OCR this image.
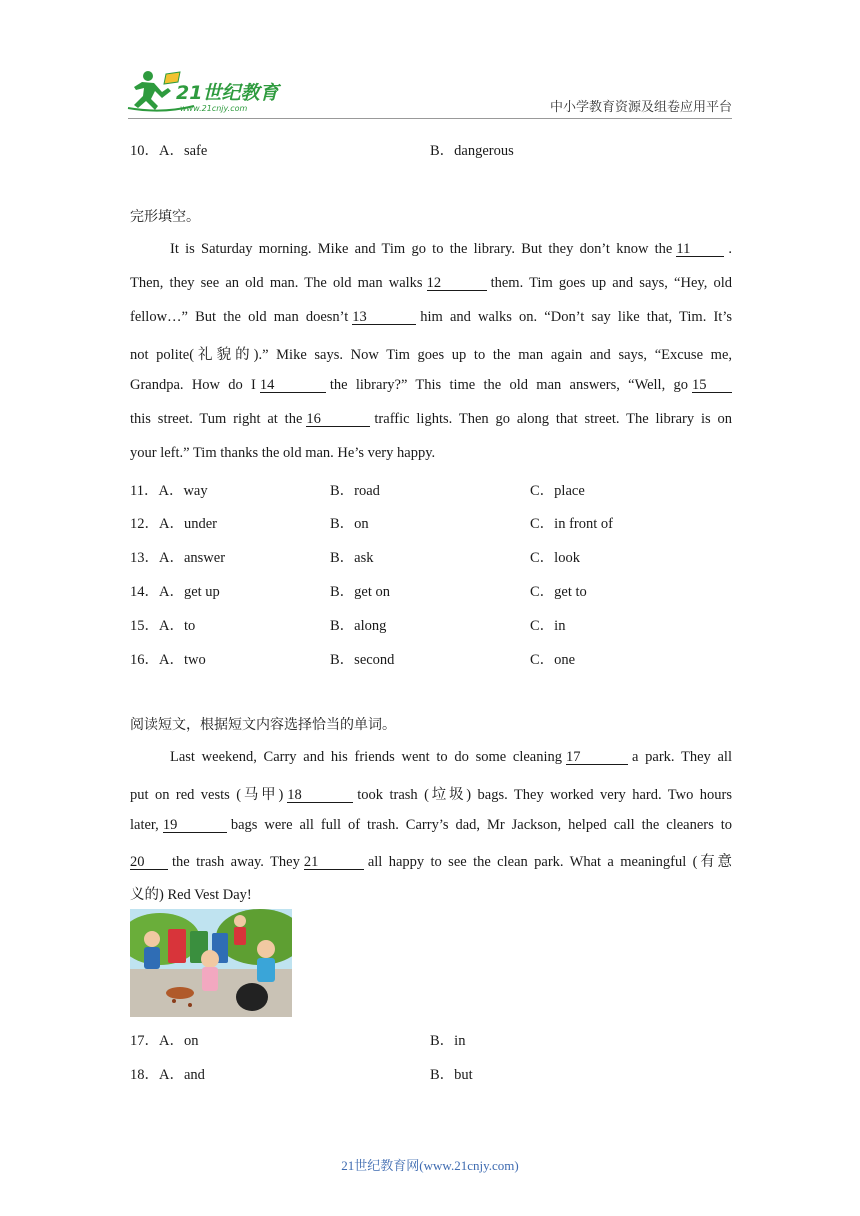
21世纪教育
www.21cnjy.com	中小学教育资源及组卷应用平台
10．A．safe	B．dangerous
完形填空。
It is Saturday morning. Mike and Tim go to the library. But they don’t know the 11	.
Then, they see an old man. The old man walks 12	them. Tim goes up and says, “Hey, old
fellow…” But the old man doesn’t 13	him and walks on. “Don’t say like that, Tim. It’s
not polite(礼貌的).” Mike says. Now Tim goes up to the man again and says, “Excuse me,
Grandpa. How do I 14	the library?” This time the old man answers, “Well, go 15
this street. Tum right at the 16	traffic lights. Then go along that street. The library is on
your left.” Tim thanks the old man. He’s very happy.
11．A．way	B．road	C．place
12．A．under	B．on	C．in front of
13．A．answer	B．ask	C．look
14．A．get up	B．get on	C．get to
15．A．to	B．along	C．in
16．A．two	B．second	C．one
阅读短文，根据短文内容选择恰当的单词。
Last weekend, Carry and his friends went to do some cleaning 17	a park. They all
put on red vests (马甲) 18	took trash (垃圾) bags. They worked very hard. Two hours
later, 19	bags were all full of trash. Carry’s dad, Mr Jackson, helped call the cleaners to
20 the trash away. They 21	all happy to see the clean park. What a meaningful (有意
义的) Red Vest Day!
17．A．on	B．in
18．A．and	B．but
21世纪教育网(www.21cnjy.com)
